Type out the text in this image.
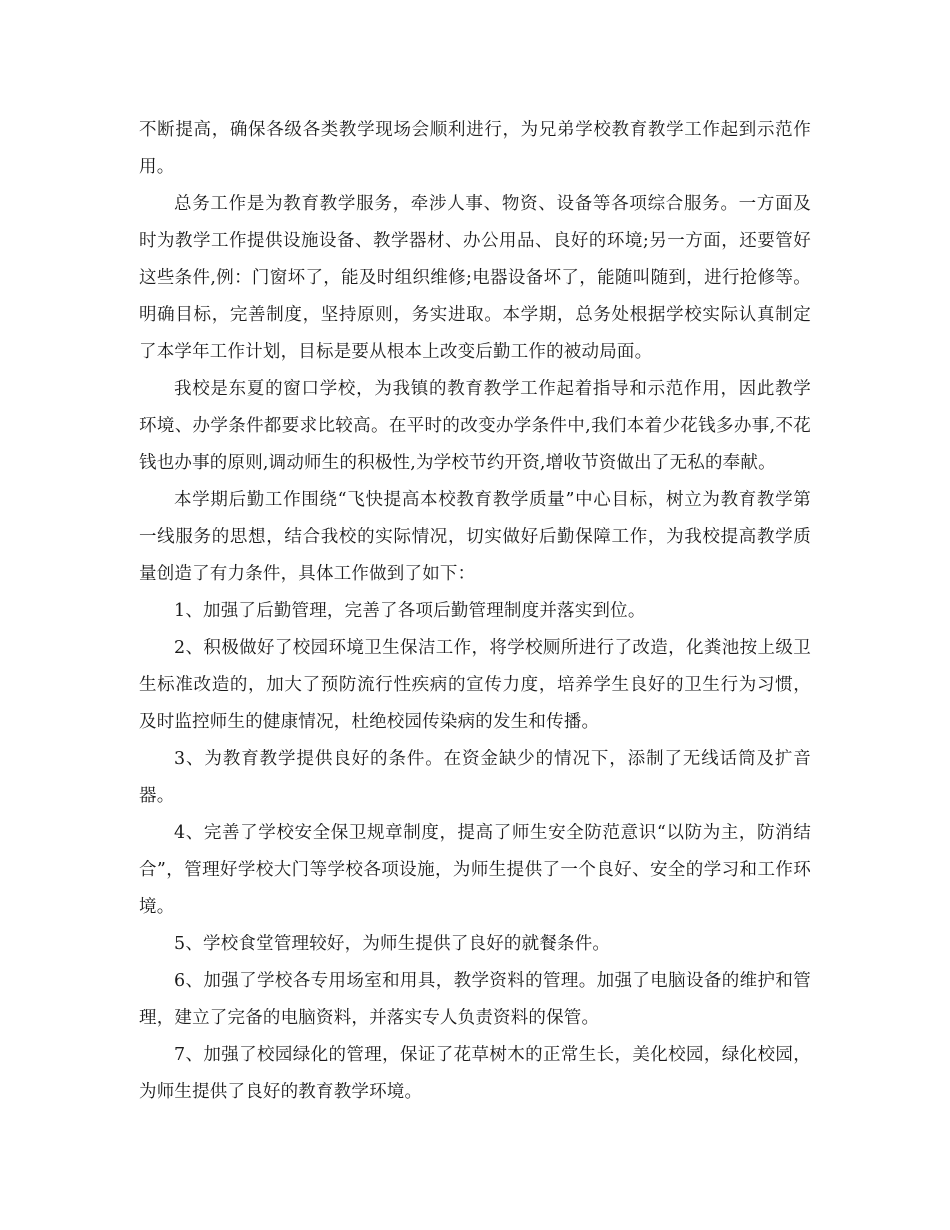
不断提高，确保各级各类教学现场会顺利进行，为兄弟学校教育教学工作起到示范作用。

总务工作是为教育教学服务，牵涉人事、物资、设备等各项综合服务。一方面及时为教学工作提供设施设备、教学器材、办公用品、良好的环境;另一方面，还要管好这些条件,例：门窗坏了，能及时组织维修;电器设备坏了，能随叫随到，进行抢修等。明确目标，完善制度，坚持原则，务实进取。本学期，总务处根据学校实际认真制定了本学年工作计划，目标是要从根本上改变后勤工作的被动局面。

我校是东夏的窗口学校，为我镇的教育教学工作起着指导和示范作用，因此教学环境、办学条件都要求比较高。在平时的改变办学条件中,我们本着少花钱多办事,不花钱也办事的原则,调动师生的积极性,为学校节约开资,增收节资做出了无私的奉献。

本学期后勤工作围绕“飞快提高本校教育教学质量”中心目标，树立为教育教学第一线服务的思想，结合我校的实际情况，切实做好后勤保障工作，为我校提高教学质量创造了有力条件，具体工作做到了如下：

1、加强了后勤管理，完善了各项后勤管理制度并落实到位。

2、积极做好了校园环境卫生保洁工作，将学校厕所进行了改造，化粪池按上级卫生标准改造的，加大了预防流行性疾病的宣传力度，培养学生良好的卫生行为习惯，及时监控师生的健康情况，杜绝校园传染病的发生和传播。

3、为教育教学提供良好的条件。在资金缺少的情况下，添制了无线话筒及扩音器。

4、完善了学校安全保卫规章制度，提高了师生安全防范意识“以防为主，防消结合”，管理好学校大门等学校各项设施，为师生提供了一个良好、安全的学习和工作环境。

5、学校食堂管理较好，为师生提供了良好的就餐条件。

6、加强了学校各专用场室和用具，教学资料的管理。加强了电脑设备的维护和管理，建立了完备的电脑资料，并落实专人负责资料的保管。

7、加强了校园绿化的管理，保证了花草树木的正常生长，美化校园，绿化校园，为师生提供了良好的教育教学环境。
